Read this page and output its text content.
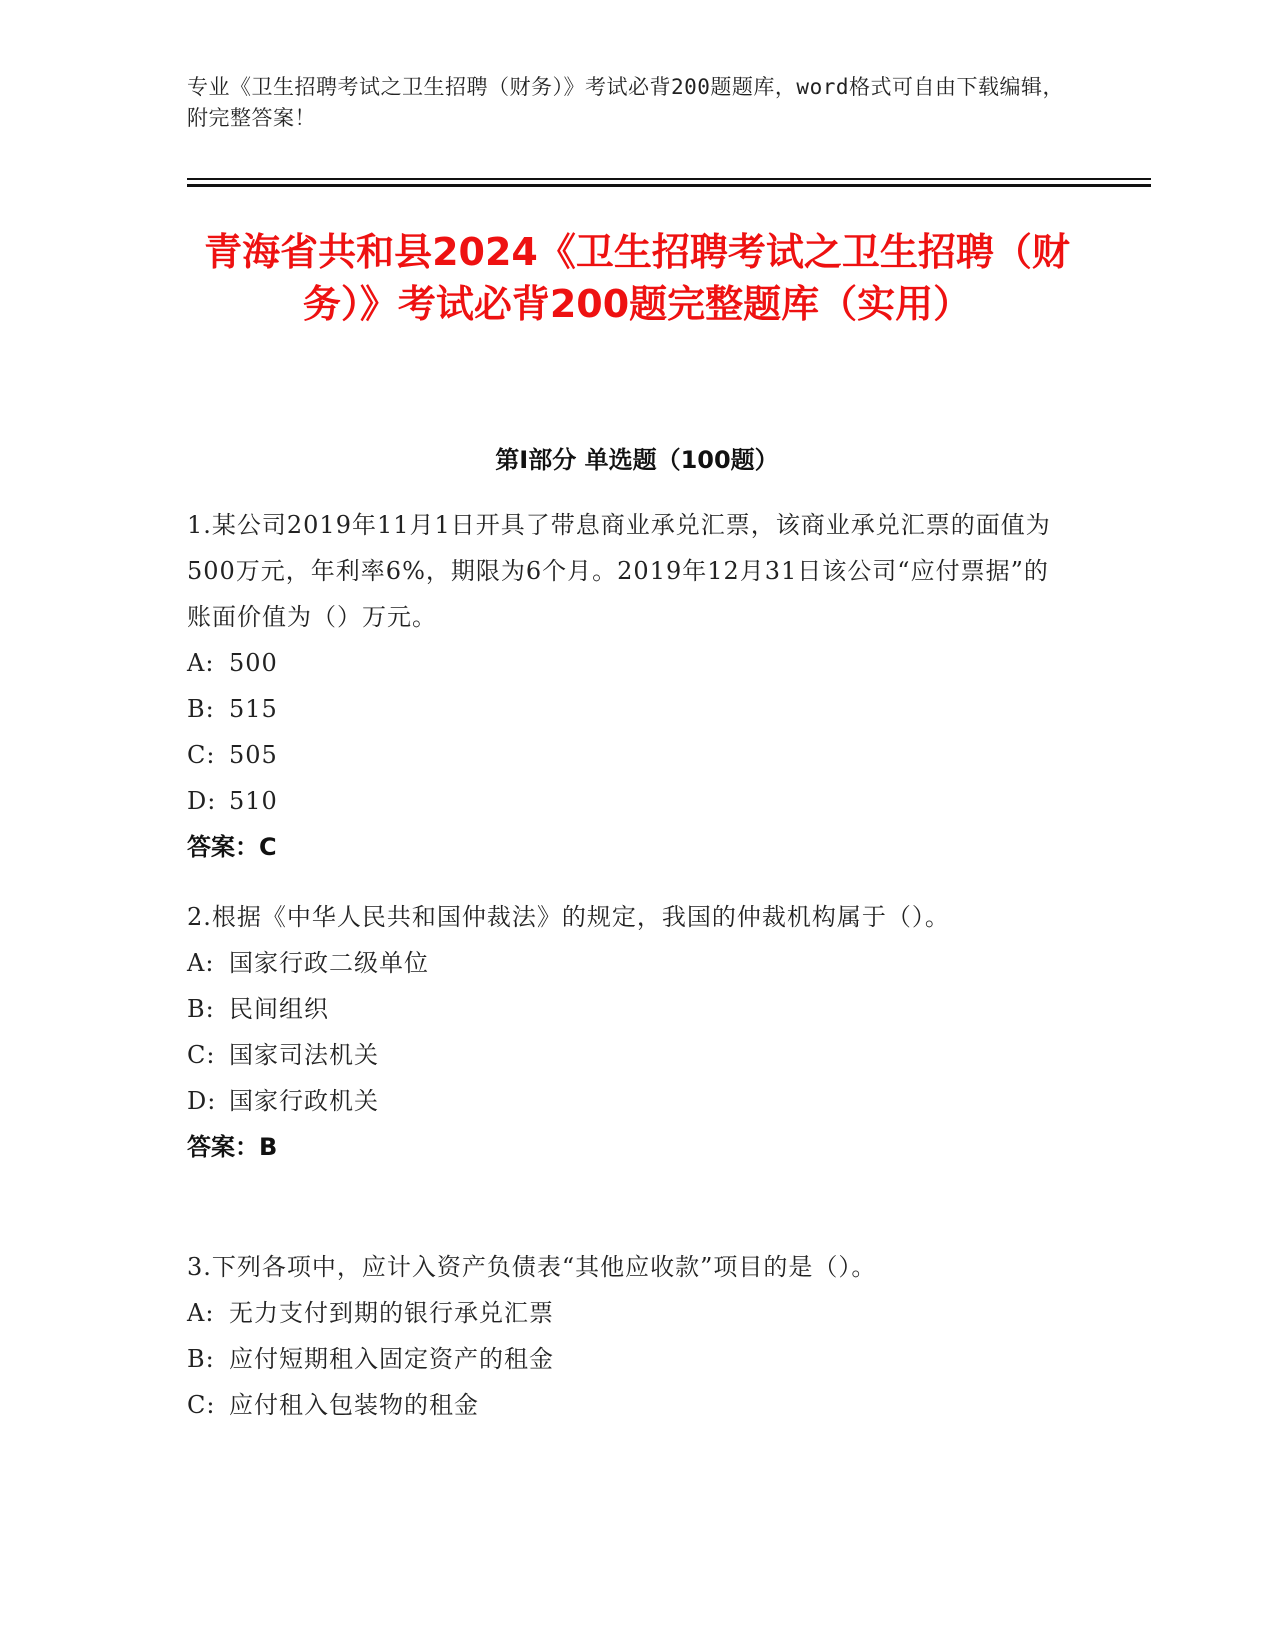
专业《卫生招聘考试之卫生招聘（财务）》考试必背200题题库，word格式可自由下载编辑，附完整答案！
青海省共和县2024《卫生招聘考试之卫生招聘（财务）》考试必背200题完整题库（实用）
第I部分 单选题（100题）
1.某公司2019年11月1日开具了带息商业承兑汇票，该商业承兑汇票的面值为500万元，年利率6%，期限为6个月。2019年12月31日该公司“应付票据”的账面价值为（）万元。
A: 500
B: 515
C: 505
D: 510
答案：C
2.根据《中华人民共和国仲裁法》的规定，我国的仲裁机构属于（）。
A: 国家行政二级单位
B: 民间组织
C: 国家司法机关
D: 国家行政机关
答案：B
3.下列各项中，应计入资产负债表“其他应收款”项目的是（）。
A: 无力支付到期的银行承兑汇票
B: 应付短期租入固定资产的租金
C: 应付租入包装物的租金
